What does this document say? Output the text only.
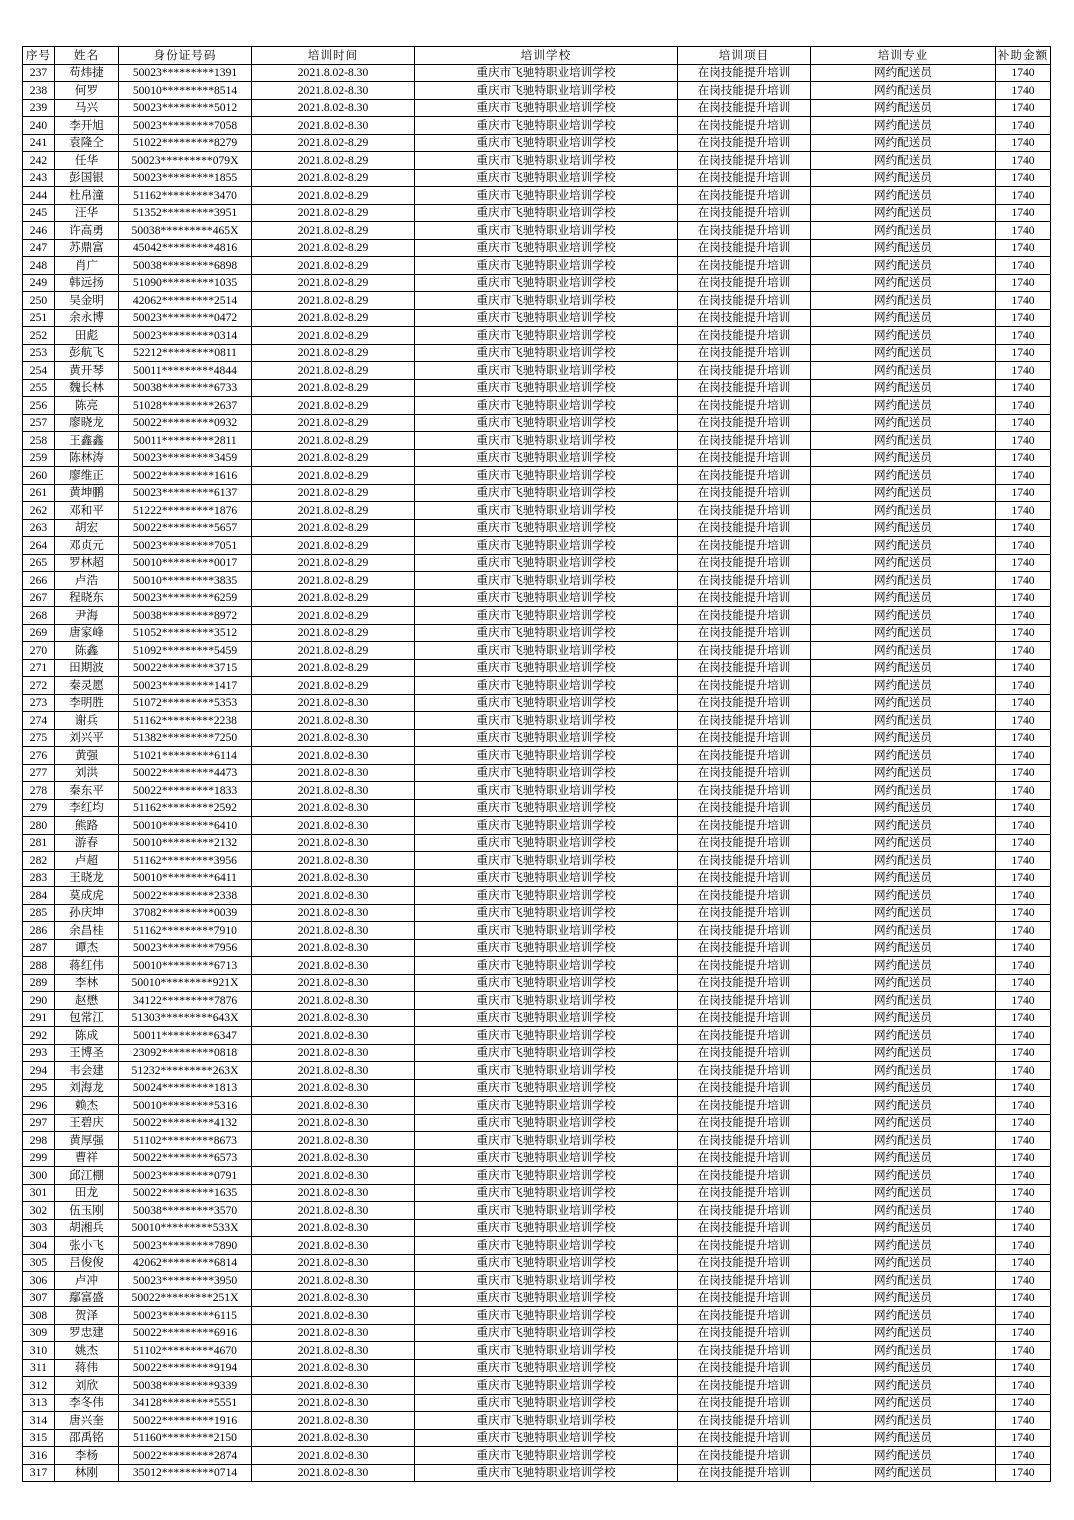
序号	姓名	身份证号码	培训时间	培训学校	培训项目	培训专业	补助金额
237	苟炜捷	50023*********1391	2021.8.02-8.30	重庆市飞驰特职业培训学校	在岗技能提升培训	网约配送员	1740
238	何罗	50010*********8514	2021.8.02-8.30	重庆市飞驰特职业培训学校	在岗技能提升培训	网约配送员	1740
239	马兴	50023*********5012	2021.8.02-8.30	重庆市飞驰特职业培训学校	在岗技能提升培训	网约配送员	1740
240	李开旭	50023*********7058	2021.8.02-8.30	重庆市飞驰特职业培训学校	在岗技能提升培训	网约配送员	1740
241	袁隆仝	51022*********8279	2021.8.02-8.29	重庆市飞驰特职业培训学校	在岗技能提升培训	网约配送员	1740
242	任华	50023*********079X	2021.8.02-8.29	重庆市飞驰特职业培训学校	在岗技能提升培训	网约配送员	1740
243	彭国银	50023*********1855	2021.8.02-8.29	重庆市飞驰特职业培训学校	在岗技能提升培训	网约配送员	1740
244	杜帛潼	51162*********3470	2021.8.02-8.29	重庆市飞驰特职业培训学校	在岗技能提升培训	网约配送员	1740
245	汪华	51352*********3951	2021.8.02-8.29	重庆市飞驰特职业培训学校	在岗技能提升培训	网约配送员	1740
246	许高勇	50038*********465X	2021.8.02-8.29	重庆市飞驰特职业培训学校	在岗技能提升培训	网约配送员	1740
247	苏鼎富	45042*********4816	2021.8.02-8.29	重庆市飞驰特职业培训学校	在岗技能提升培训	网约配送员	1740
248	肖广	50038*********6898	2021.8.02-8.29	重庆市飞驰特职业培训学校	在岗技能提升培训	网约配送员	1740
249	韩远扬	51090*********1035	2021.8.02-8.29	重庆市飞驰特职业培训学校	在岗技能提升培训	网约配送员	1740
250	吴金明	42062*********2514	2021.8.02-8.29	重庆市飞驰特职业培训学校	在岗技能提升培训	网约配送员	1740
251	余永博	50023*********0472	2021.8.02-8.29	重庆市飞驰特职业培训学校	在岗技能提升培训	网约配送员	1740
252	田彪	50023*********0314	2021.8.02-8.29	重庆市飞驰特职业培训学校	在岗技能提升培训	网约配送员	1740
253	彭航飞	52212*********0811	2021.8.02-8.29	重庆市飞驰特职业培训学校	在岗技能提升培训	网约配送员	1740
254	黄开琴	50011*********4844	2021.8.02-8.29	重庆市飞驰特职业培训学校	在岗技能提升培训	网约配送员	1740
255	魏长林	50038*********6733	2021.8.02-8.29	重庆市飞驰特职业培训学校	在岗技能提升培训	网约配送员	1740
256	陈亮	51028*********2637	2021.8.02-8.29	重庆市飞驰特职业培训学校	在岗技能提升培训	网约配送员	1740
257	廖晓龙	50022*********0932	2021.8.02-8.29	重庆市飞驰特职业培训学校	在岗技能提升培训	网约配送员	1740
258	王鑫鑫	50011*********2811	2021.8.02-8.29	重庆市飞驰特职业培训学校	在岗技能提升培训	网约配送员	1740
259	陈林涛	50023*********3459	2021.8.02-8.29	重庆市飞驰特职业培训学校	在岗技能提升培训	网约配送员	1740
260	廖维正	50022*********1616	2021.8.02-8.29	重庆市飞驰特职业培训学校	在岗技能提升培训	网约配送员	1740
261	黄坤鹏	50023*********6137	2021.8.02-8.29	重庆市飞驰特职业培训学校	在岗技能提升培训	网约配送员	1740
262	邓和平	51222*********1876	2021.8.02-8.29	重庆市飞驰特职业培训学校	在岗技能提升培训	网约配送员	1740
263	胡宏	50022*********5657	2021.8.02-8.29	重庆市飞驰特职业培训学校	在岗技能提升培训	网约配送员	1740
264	邓贞元	50023*********7051	2021.8.02-8.29	重庆市飞驰特职业培训学校	在岗技能提升培训	网约配送员	1740
265	罗林超	50010*********0017	2021.8.02-8.29	重庆市飞驰特职业培训学校	在岗技能提升培训	网约配送员	1740
266	卢浩	50010*********3835	2021.8.02-8.29	重庆市飞驰特职业培训学校	在岗技能提升培训	网约配送员	1740
267	程晓东	50023*********6259	2021.8.02-8.29	重庆市飞驰特职业培训学校	在岗技能提升培训	网约配送员	1740
268	尹海	50038*********8972	2021.8.02-8.29	重庆市飞驰特职业培训学校	在岗技能提升培训	网约配送员	1740
269	唐家峰	51052*********3512	2021.8.02-8.29	重庆市飞驰特职业培训学校	在岗技能提升培训	网约配送员	1740
270	陈鑫	51092*********5459	2021.8.02-8.29	重庆市飞驰特职业培训学校	在岗技能提升培训	网约配送员	1740
271	田期波	50022*********3715	2021.8.02-8.29	重庆市飞驰特职业培训学校	在岗技能提升培训	网约配送员	1740
272	秦灵愿	50023*********1417	2021.8.02-8.29	重庆市飞驰特职业培训学校	在岗技能提升培训	网约配送员	1740
273	李明胜	51072*********5353	2021.8.02-8.30	重庆市飞驰特职业培训学校	在岗技能提升培训	网约配送员	1740
274	谢兵	51162*********2238	2021.8.02-8.30	重庆市飞驰特职业培训学校	在岗技能提升培训	网约配送员	1740
275	刘兴平	51382*********7250	2021.8.02-8.30	重庆市飞驰特职业培训学校	在岗技能提升培训	网约配送员	1740
276	黄强	51021*********6114	2021.8.02-8.30	重庆市飞驰特职业培训学校	在岗技能提升培训	网约配送员	1740
277	刘洪	50022*********4473	2021.8.02-8.30	重庆市飞驰特职业培训学校	在岗技能提升培训	网约配送员	1740
278	秦东平	50022*********1833	2021.8.02-8.30	重庆市飞驰特职业培训学校	在岗技能提升培训	网约配送员	1740
279	李红均	51162*********2592	2021.8.02-8.30	重庆市飞驰特职业培训学校	在岗技能提升培训	网约配送员	1740
280	熊路	50010*********6410	2021.8.02-8.30	重庆市飞驰特职业培训学校	在岗技能提升培训	网约配送员	1740
281	游春	50010*********2132	2021.8.02-8.30	重庆市飞驰特职业培训学校	在岗技能提升培训	网约配送员	1740
282	卢超	51162*********3956	2021.8.02-8.30	重庆市飞驰特职业培训学校	在岗技能提升培训	网约配送员	1740
283	王晓龙	50010*********6411	2021.8.02-8.30	重庆市飞驰特职业培训学校	在岗技能提升培训	网约配送员	1740
284	莫成虎	50022*********2338	2021.8.02-8.30	重庆市飞驰特职业培训学校	在岗技能提升培训	网约配送员	1740
285	孙庆坤	37082*********0039	2021.8.02-8.30	重庆市飞驰特职业培训学校	在岗技能提升培训	网约配送员	1740
286	余昌桂	51162*********7910	2021.8.02-8.30	重庆市飞驰特职业培训学校	在岗技能提升培训	网约配送员	1740
287	谭杰	50023*********7956	2021.8.02-8.30	重庆市飞驰特职业培训学校	在岗技能提升培训	网约配送员	1740
288	蒋红伟	50010*********6713	2021.8.02-8.30	重庆市飞驰特职业培训学校	在岗技能提升培训	网约配送员	1740
289	李林	50010*********921X	2021.8.02-8.30	重庆市飞驰特职业培训学校	在岗技能提升培训	网约配送员	1740
290	赵懋	34122*********7876	2021.8.02-8.30	重庆市飞驰特职业培训学校	在岗技能提升培训	网约配送员	1740
291	包常江	51303*********643X	2021.8.02-8.30	重庆市飞驰特职业培训学校	在岗技能提升培训	网约配送员	1740
292	陈成	50011*********6347	2021.8.02-8.30	重庆市飞驰特职业培训学校	在岗技能提升培训	网约配送员	1740
293	王博圣	23092*********0818	2021.8.02-8.30	重庆市飞驰特职业培训学校	在岗技能提升培训	网约配送员	1740
294	韦会建	51232*********263X	2021.8.02-8.30	重庆市飞驰特职业培训学校	在岗技能提升培训	网约配送员	1740
295	刘海龙	50024*********1813	2021.8.02-8.30	重庆市飞驰特职业培训学校	在岗技能提升培训	网约配送员	1740
296	赖杰	50010*********5316	2021.8.02-8.30	重庆市飞驰特职业培训学校	在岗技能提升培训	网约配送员	1740
297	王碧庆	50022*********4132	2021.8.02-8.30	重庆市飞驰特职业培训学校	在岗技能提升培训	网约配送员	1740
298	黄厚强	51102*********8673	2021.8.02-8.30	重庆市飞驰特职业培训学校	在岗技能提升培训	网约配送员	1740
299	曹祥	50022*********6573	2021.8.02-8.30	重庆市飞驰特职业培训学校	在岗技能提升培训	网约配送员	1740
300	邱江棚	50023*********0791	2021.8.02-8.30	重庆市飞驰特职业培训学校	在岗技能提升培训	网约配送员	1740
301	田龙	50022*********1635	2021.8.02-8.30	重庆市飞驰特职业培训学校	在岗技能提升培训	网约配送员	1740
302	伍玉刚	50038*********3570	2021.8.02-8.30	重庆市飞驰特职业培训学校	在岗技能提升培训	网约配送员	1740
303	胡湘兵	50010*********533X	2021.8.02-8.30	重庆市飞驰特职业培训学校	在岗技能提升培训	网约配送员	1740
304	张小飞	50023*********7890	2021.8.02-8.30	重庆市飞驰特职业培训学校	在岗技能提升培训	网约配送员	1740
305	吕俊俊	42062*********6814	2021.8.02-8.30	重庆市飞驰特职业培训学校	在岗技能提升培训	网约配送员	1740
306	卢冲	50023*********3950	2021.8.02-8.30	重庆市飞驰特职业培训学校	在岗技能提升培训	网约配送员	1740
307	鄢富盛	50022*********251X	2021.8.02-8.30	重庆市飞驰特职业培训学校	在岗技能提升培训	网约配送员	1740
308	贺泽	50023*********6115	2021.8.02-8.30	重庆市飞驰特职业培训学校	在岗技能提升培训	网约配送员	1740
309	罗忠建	50022*********6916	2021.8.02-8.30	重庆市飞驰特职业培训学校	在岗技能提升培训	网约配送员	1740
310	姚杰	51102*********4670	2021.8.02-8.30	重庆市飞驰特职业培训学校	在岗技能提升培训	网约配送员	1740
311	蒋伟	50022*********9194	2021.8.02-8.30	重庆市飞驰特职业培训学校	在岗技能提升培训	网约配送员	1740
312	刘欣	50038*********9339	2021.8.02-8.30	重庆市飞驰特职业培训学校	在岗技能提升培训	网约配送员	1740
313	李冬伟	34128*********5551	2021.8.02-8.30	重庆市飞驰特职业培训学校	在岗技能提升培训	网约配送员	1740
314	唐兴奎	50022*********1916	2021.8.02-8.30	重庆市飞驰特职业培训学校	在岗技能提升培训	网约配送员	1740
315	邵禹铭	51160*********2150	2021.8.02-8.30	重庆市飞驰特职业培训学校	在岗技能提升培训	网约配送员	1740
316	李杨	50022*********2874	2021.8.02-8.30	重庆市飞驰特职业培训学校	在岗技能提升培训	网约配送员	1740
317	林刚	35012*********0714	2021.8.02-8.30	重庆市飞驰特职业培训学校	在岗技能提升培训	网约配送员	1740
